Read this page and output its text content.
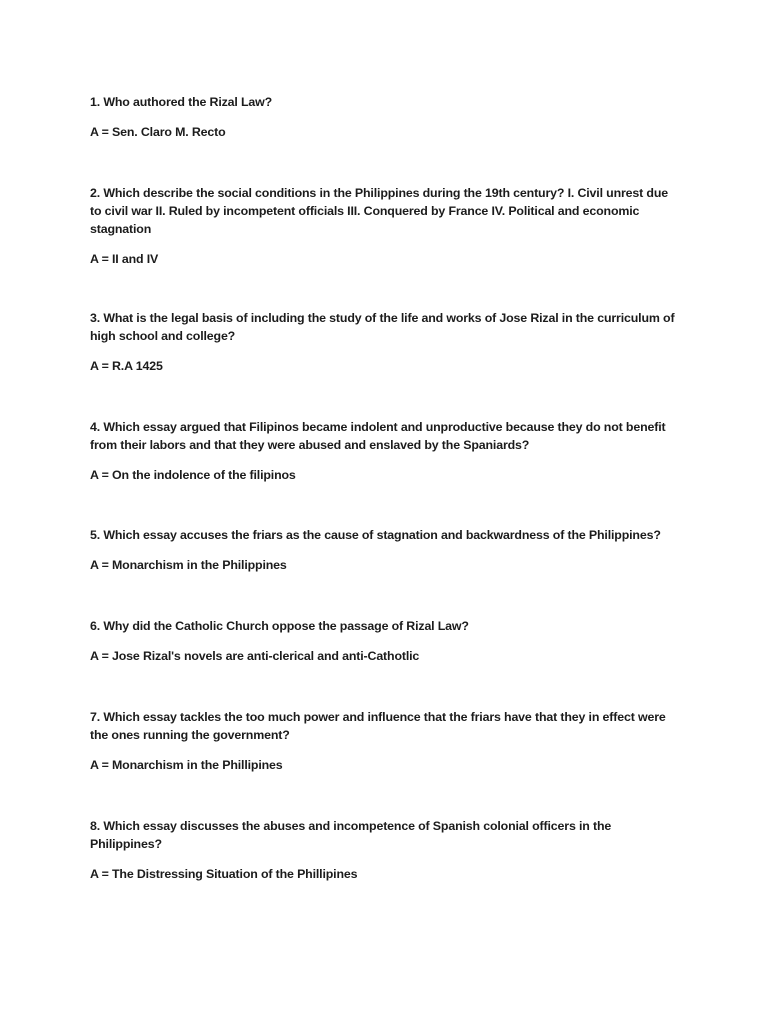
1. Who authored the Rizal Law?

A = Sen. Claro M. Recto

2. Which describe the social conditions in the Philippines during the 19th century? I. Civil unrest due to civil war II. Ruled by incompetent officials III. Conquered by France IV. Political and economic stagnation

A = II and IV

3. What is the legal basis of including the study of the life and works of Jose Rizal in the curriculum of high school and college?

A = R.A 1425

4. Which essay argued that Filipinos became indolent and unproductive because they do not benefit from their labors and that they were abused and enslaved by the Spaniards?

A = On the indolence of the filipinos

5. Which essay accuses the friars as the cause of stagnation and backwardness of the Philippines?

A = Monarchism in the Philippines

6. Why did the Catholic Church oppose the passage of Rizal Law?

A = Jose Rizal's novels are anti-clerical and anti-Cathotlic

7. Which essay tackles the too much power and influence that the friars have that they in effect were the ones running the government?

A = Monarchism in the Phillipines

8. Which essay discusses the abuses and incompetence of Spanish colonial officers in the Philippines?

A = The Distressing Situation of the Phillipines
